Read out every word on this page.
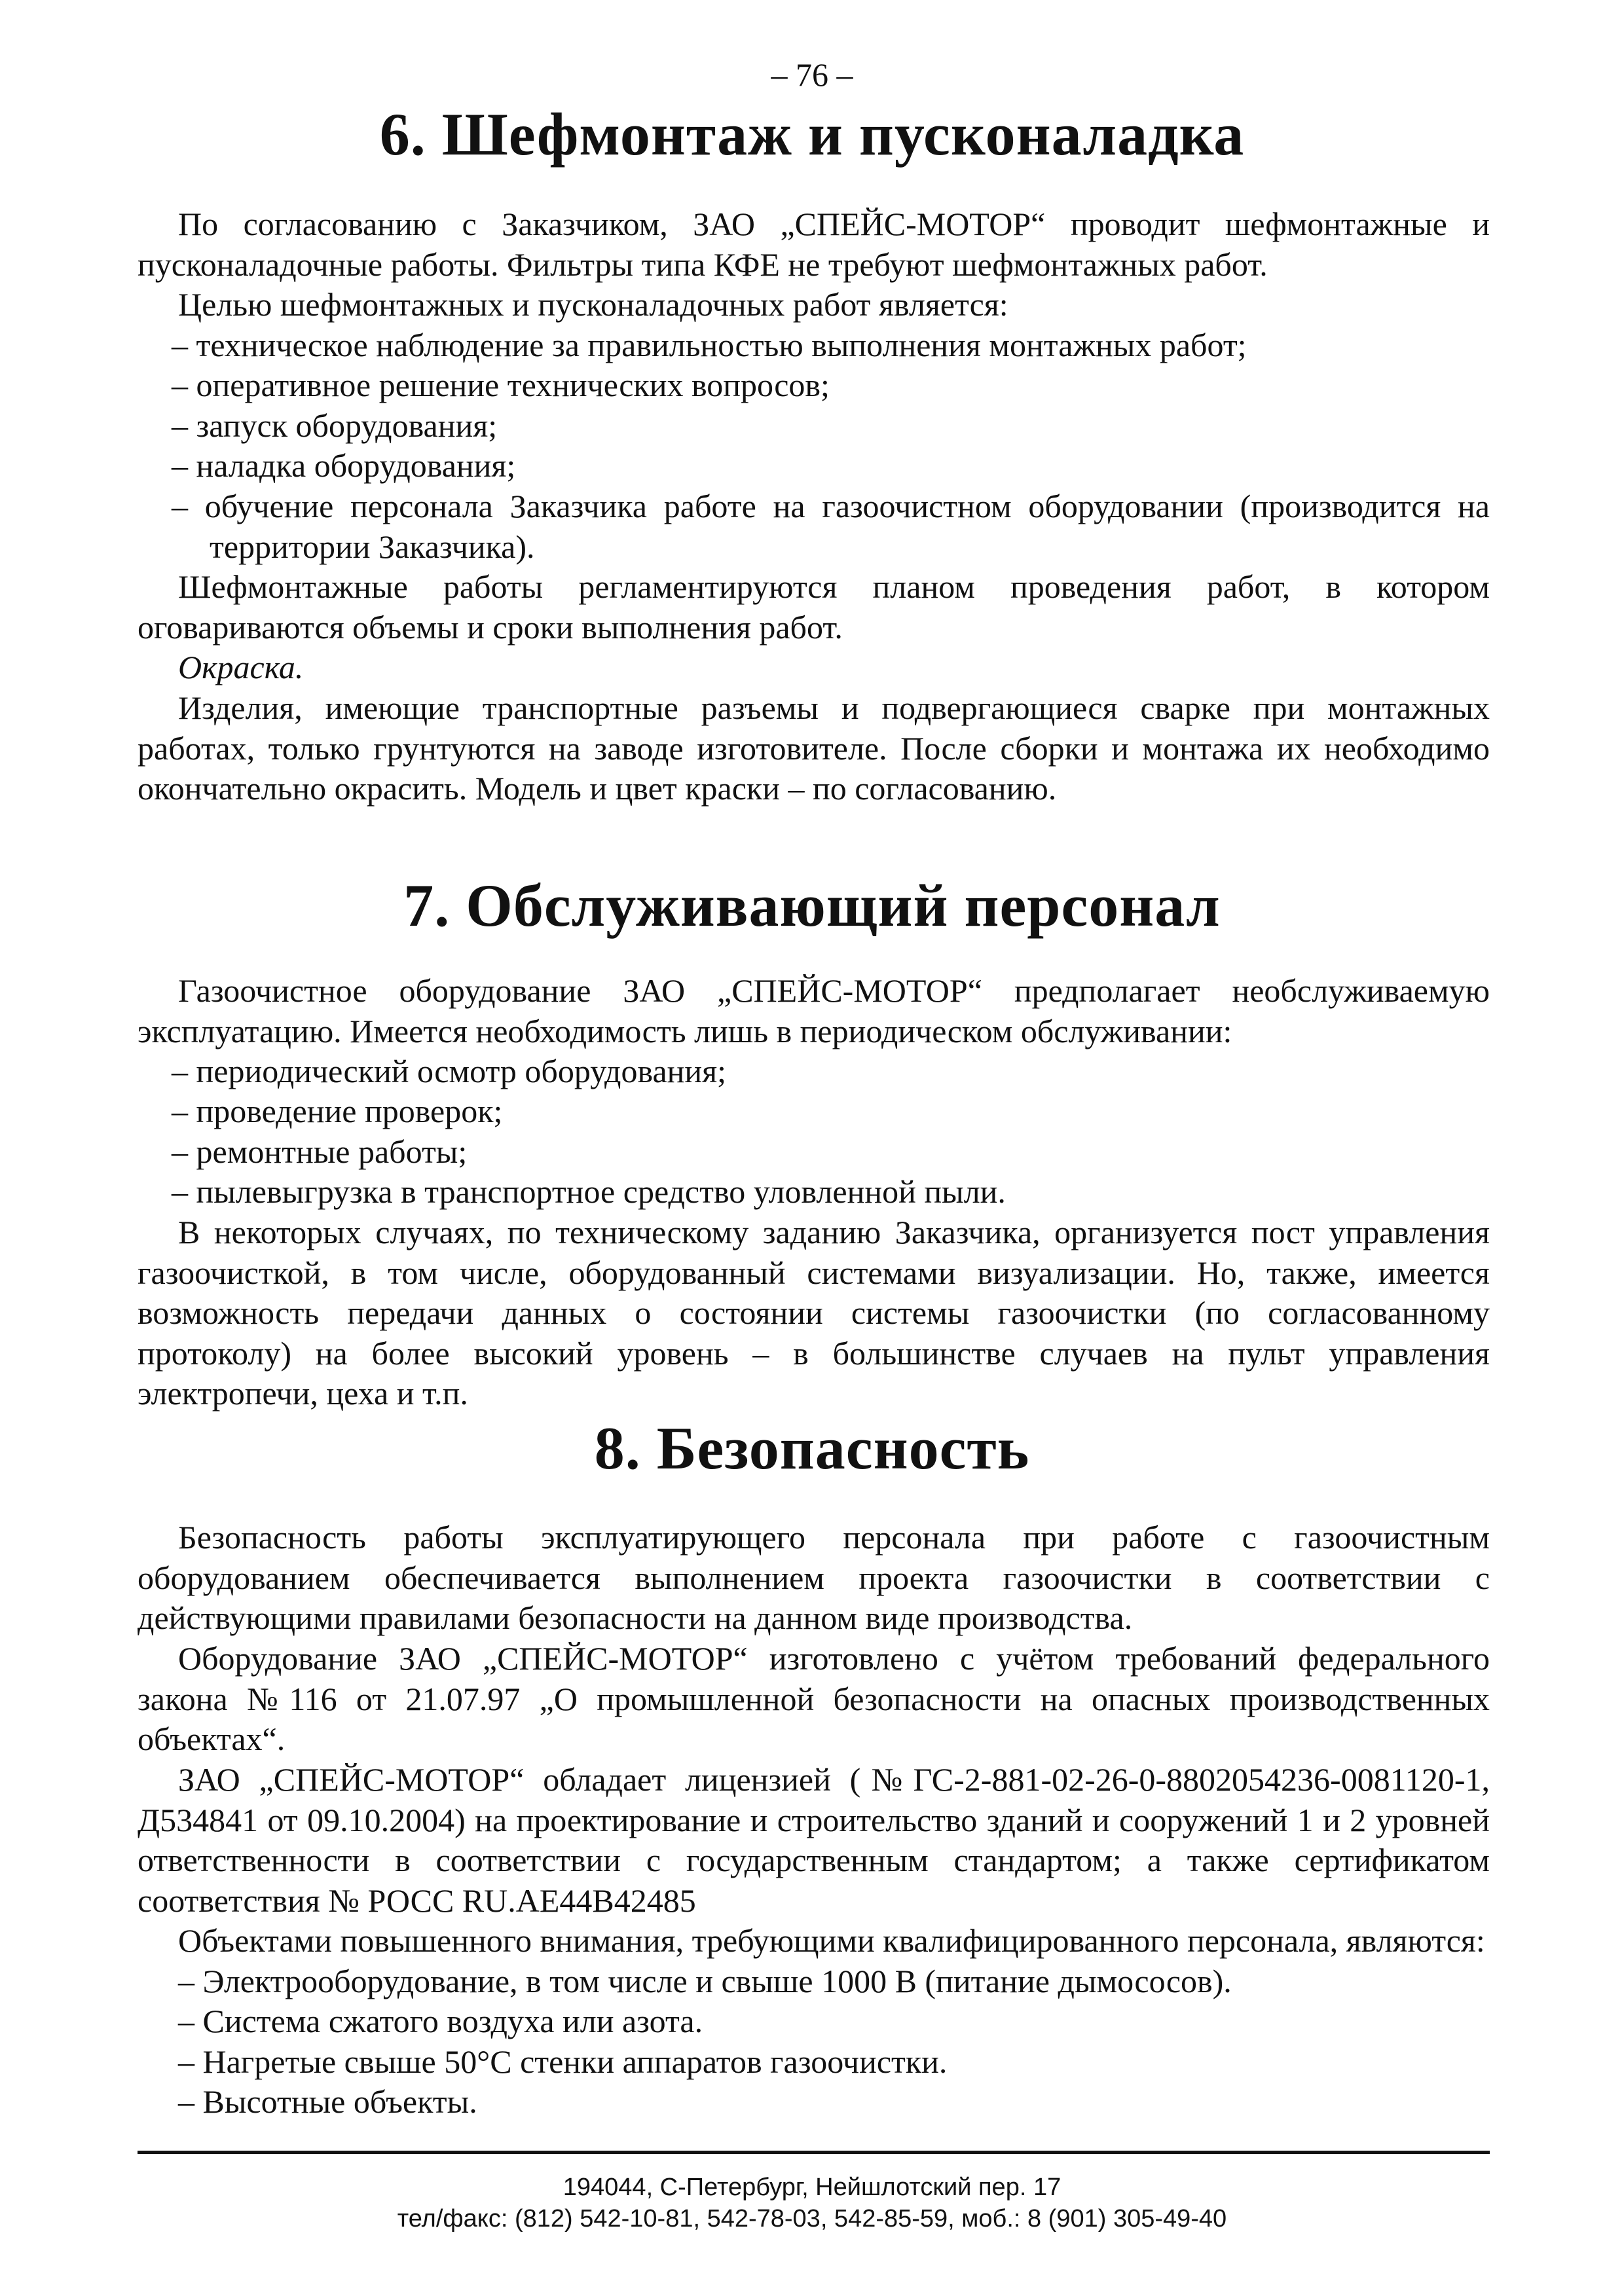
– 76 –
6. Шефмонтаж и пусконаладка
По согласованию с Заказчиком, ЗАО „СПЕЙС-МОТОР“ проводит шефмонтажные и пусконаладочные работы. Фильтры типа КФЕ не требуют шефмонтажных работ.
Целью шефмонтажных и пусконаладочных работ является:
– техническое наблюдение за правильностью выполнения монтажных работ;
– оперативное решение технических вопросов;
– запуск оборудования;
– наладка оборудования;
– обучение персонала Заказчика работе на газоочистном оборудовании (производится на территории Заказчика).
Шефмонтажные работы регламентируются планом проведения работ, в котором оговариваются объемы и сроки выполнения работ.
Окраска.
Изделия, имеющие транспортные разъемы и подвергающиеся сварке при монтажных работах, только грунтуются на заводе изготовителе. После сборки и монтажа их необходимо окончательно окрасить. Модель и цвет краски – по согласованию.
7. Обслуживающий персонал
Газоочистное оборудование ЗАО „СПЕЙС-МОТОР“ предполагает необслуживаемую эксплуатацию. Имеется необходимость лишь в периодическом обслуживании:
– периодический осмотр оборудования;
– проведение проверок;
– ремонтные работы;
– пылевыгрузка в транспортное средство уловленной пыли.
В некоторых случаях, по техническому заданию Заказчика, организуется пост управления газоочисткой, в том числе, оборудованный системами визуализации. Но, также, имеется возможность передачи данных о состоянии системы газоочистки (по согласованному протоколу) на более высокий уровень – в большинстве случаев на пульт управления электропечи, цеха и т.п.
8. Безопасность
Безопасность работы эксплуатирующего персонала при работе с газоочистным оборудованием обеспечивается выполнением проекта газоочистки в соответствии с действующими правилами безопасности на данном виде производства.
Оборудование ЗАО „СПЕЙС-МОТОР“ изготовлено с учётом требований федерального закона №116 от 21.07.97 „О промышленной безопасности на опасных производственных объектах“.
ЗАО „СПЕЙС-МОТОР“ обладает лицензией (№ГС-2-881-02-26-0-8802054236-0081120-1, Д534841 от 09.10.2004) на проектирование и строительство зданий и сооружений 1 и 2 уровней ответственности в соответствии с государственным стандартом; а также сертификатом соответствия № РОСС RU.AE44B42485
Объектами повышенного внимания, требующими квалифицированного персонала, являются:
– Электрооборудование, в том числе и свыше 1000 В (питание дымососов).
– Система сжатого воздуха или азота.
– Нагретые свыше 50°С стенки аппаратов газоочистки.
– Высотные объекты.
194044, С-Петербург, Нейшлотский пер. 17
тел/факс: (812) 542-10-81, 542-78-03, 542-85-59, моб.: 8 (901) 305-49-40
